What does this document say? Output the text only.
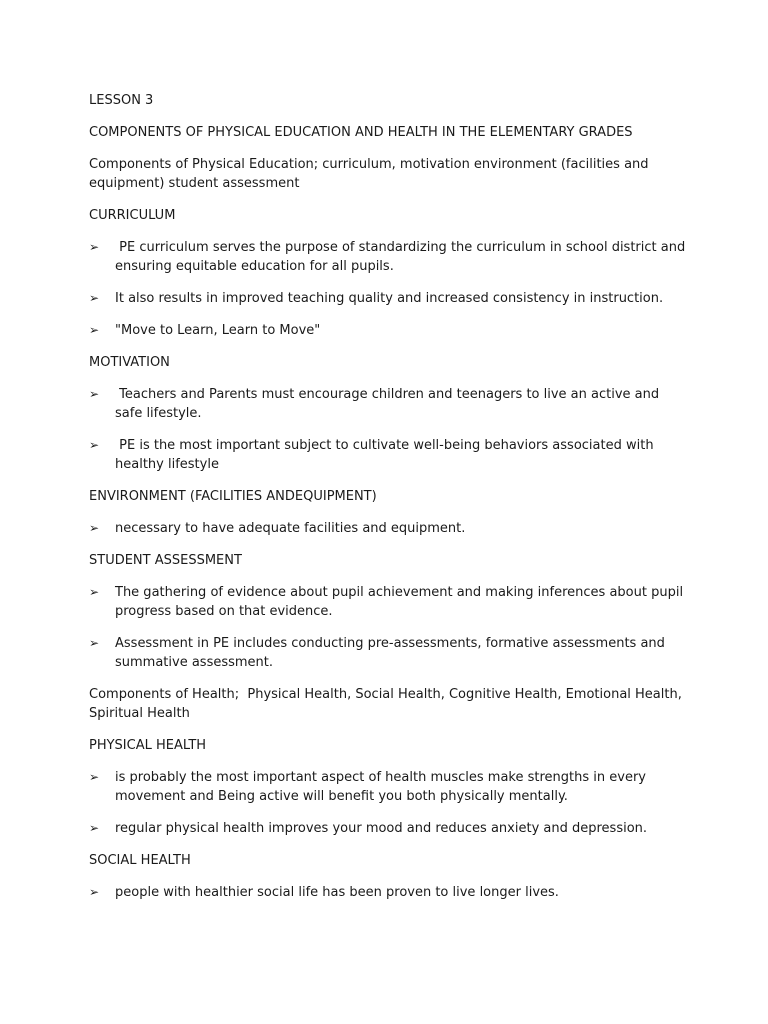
LESSON 3

COMPONENTS OF PHYSICAL EDUCATION AND HEALTH IN THE ELEMENTARY GRADES

Components of Physical Education; curriculum, motivation environment (facilities and equipment) student assessment

CURRICULUM

➢ PE curriculum serves the purpose of standardizing the curriculum in school district and ensuring equitable education for all pupils.

➢ It also results in improved teaching quality and increased consistency in instruction.

➢ "Move to Learn, Learn to Move"

MOTIVATION

➢ Teachers and Parents must encourage children and teenagers to live an active and safe lifestyle.

➢ PE is the most important subject to cultivate well-being behaviors associated with healthy lifestyle

ENVIRONMENT (FACILITIES ANDEQUIPMENT)

➢ necessary to have adequate facilities and equipment.

STUDENT ASSESSMENT

➢ The gathering of evidence about pupil achievement and making inferences about pupil progress based on that evidence.

➢ Assessment in PE includes conducting pre-assessments, formative assessments and summative assessment.

Components of Health;  Physical Health, Social Health, Cognitive Health, Emotional Health, Spiritual Health

PHYSICAL HEALTH

➢ is probably the most important aspect of health muscles make strengths in every movement and Being active will benefit you both physically mentally.

➢ regular physical health improves your mood and reduces anxiety and depression.

SOCIAL HEALTH

➢ people with healthier social life has been proven to live longer lives.
